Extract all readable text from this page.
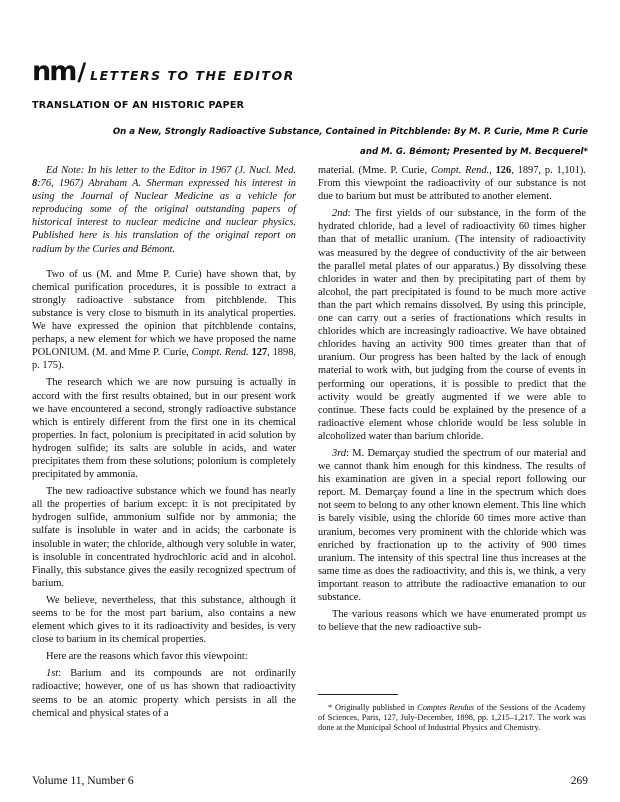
nm / LETTERS TO THE EDITOR
TRANSLATION OF AN HISTORIC PAPER
On a New, Strongly Radioactive Substance, Contained in Pitchblende: By M. P. Curie, Mme P. Curie
and M. G. Bémont; Presented by M. Becquerel*

Ed Note: In his letter to the Editor in 1967 (J. Nucl. Med. 8:76, 1967) Abraham A. Sherman expressed his interest in using the Journal of Nuclear Medicine as a vehicle for reproducing some of the original outstanding papers of historical interest to nuclear medicine and nuclear physics. Published here is his translation of the original report on radium by the Curies and Bémont.

Two of us (M. and Mme P. Curie) have shown that, by chemical purification procedures, it is possible to extract a strongly radioactive substance from pitchblende. This substance is very close to bismuth in its analytical properties. We have expressed the opinion that pitchblende contains, perhaps, a new element for which we have proposed the name POLONIUM. (M. and Mme P. Curie, Compt. Rend. 127, 1898, p. 175).

The research which we are now pursuing is actually in accord with the first results obtained, but in our present work we have encountered a second, strongly radioactive substance which is entirely different from the first one in its chemical properties. In fact, polonium is precipitated in acid solution by hydrogen sulfide; its salts are soluble in acids, and water precipitates them from these solutions; polonium is completely precipitated by ammonia.

The new radioactive substance which we found has nearly all the properties of barium except: it is not precipitated by hydrogen sulfide, ammonium sulfide nor by ammonia; the sulfate is insoluble in water and in acids; the carbonate is insoluble in water; the chloride, although very soluble in water, is insoluble in concentrated hydrochloric acid and in alcohol. Finally, this substance gives the easily recognized spectrum of barium.

We believe, nevertheless, that this substance, although it seems to be for the most part barium, also contains a new element which gives to it its radioactivity and besides, is very close to barium in its chemical properties.

Here are the reasons which favor this viewpoint:

1st: Barium and its compounds are not ordinarily radioactive; however, one of us has shown that radioactivity seems to be an atomic property which persists in all the chemical and physical states of a

material. (Mme. P. Curie, Compt. Rend., 126, 1897, p. 1,101). From this viewpoint the radioactivity of our substance is not due to barium but must be attributed to another element.

2nd: The first yields of our substance, in the form of the hydrated chloride, had a level of radioactivity 60 times higher than that of metallic uranium. (The intensity of radioactivity was measured by the degree of conductivity of the air between the parallel metal plates of our apparatus.) By dissolving these chlorides in water and then by precipitating part of them by alcohol, the part precipitated is found to be much more active than the part which remains dissolved. By using this principle, one can carry out a series of fractionations which results in chlorides which are increasingly radioactive. We have obtained chlorides having an activity 900 times greater than that of uranium. Our progress has been halted by the lack of enough material to work with, but judging from the course of events in performing our operations, it is possible to predict that the activity would be greatly augmented if we were able to continue. These facts could be explained by the presence of a radioactive element whose chloride would be less soluble in alcoholized water than barium chloride.

3rd: M. Demarçay studied the spectrum of our material and we cannot thank him enough for this kindness. The results of his examination are given in a special report following our report. M. Demarçay found a line in the spectrum which does not seem to belong to any other known element. This line which is barely visible, using the chloride 60 times more active than uranium, becomes very prominent with the chloride which was enriched by fractionation up to the activity of 900 times uranium. The intensity of this spectral line thus increases at the same time as does the radioactivity, and this is, we think, a very important reason to attribute the radioactive emanation to our substance.

The various reasons which we have enumerated prompt us to believe that the new radioactive sub-

* Originally published in Comptes Rendus of the Sessions of the Academy of Sciences, Paris, 127, July-December, 1898, pp. 1,215–1,217. The work was done at the Municipal School of Industrial Physics and Chemistry.
Volume 11, Number 6	269
